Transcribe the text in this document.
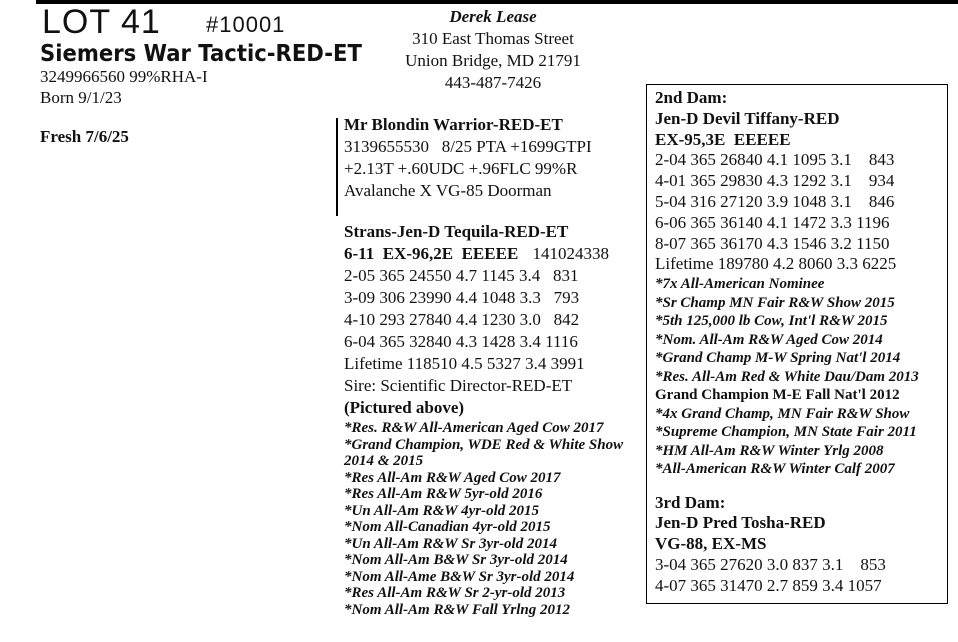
LOT 41 #10001
Siemers War Tactic-RED-ET
3249966560 99%RHA-I
Born 9/1/23
Fresh 7/6/25
Derek Lease
310 East Thomas Street
Union Bridge, MD 21791
443-487-7426
Mr Blondin Warrior-RED-ET
3139655530   8/25 PTA +1699GTPI
+2.13T +.60UDC +.96FLC 99%R
Avalanche X VG-85 Doorman
Strans-Jen-D Tequila-RED-ET
6-11  EX-96,2E  EEEEE 141024338
2-05 365 24550 4.7 1145 3.4   831
3-09 306 23990 4.4 1048 3.3   793
4-10 293 27840 4.4 1230 3.0   842
6-04 365 32840 4.3 1428 3.4 1116
Lifetime 118510 4.5 5327 3.4 3991
Sire: Scientific Director-RED-ET
(Pictured above)
*Res. R&W All-American Aged Cow 2017
*Grand Champion, WDE Red & White Show 2014 & 2015
*Res All-Am R&W Aged Cow 2017
*Res All-Am R&W 5yr-old 2016
*Un All-Am R&W 4yr-old 2015
*Nom All-Canadian 4yr-old 2015
*Un All-Am R&W Sr 3yr-old 2014
*Nom All-Am B&W Sr 3yr-old 2014
*Nom All-Ame B&W Sr 3yr-old 2014
*Res All-Am R&W Sr 2-yr-old 2013
*Nom All-Am R&W Fall Yrlng 2012
2nd Dam:
Jen-D Devil Tiffany-RED
EX-95,3E  EEEEE
2-04 365 26840 4.1 1095 3.1    843
4-01 365 29830 4.3 1292 3.1    934
5-04 316 27120 3.9 1048 3.1    846
6-06 365 36140 4.1 1472 3.3 1196
8-07 365 36170 4.3 1546 3.2 1150
Lifetime 189780 4.2 8060 3.3 6225
*7x All-American Nominee
*Sr Champ MN Fair R&W Show 2015
*5th 125,000 lb Cow, Int'l R&W 2015
*Nom. All-Am R&W Aged Cow 2014
*Grand Champ M-W Spring Nat'l 2014
*Res. All-Am Red & White Dau/Dam 2013
Grand Champion M-E Fall Nat'l 2012
*4x Grand Champ, MN Fair R&W Show
*Supreme Champion, MN State Fair 2011
*HM All-Am R&W Winter Yrlg 2008
*All-American R&W Winter Calf 2007
3rd Dam:
Jen-D Pred Tosha-RED
VG-88, EX-MS
3-04 365 27620 3.0 837 3.1    853
4-07 365 31470 2.7 859 3.4 1057
